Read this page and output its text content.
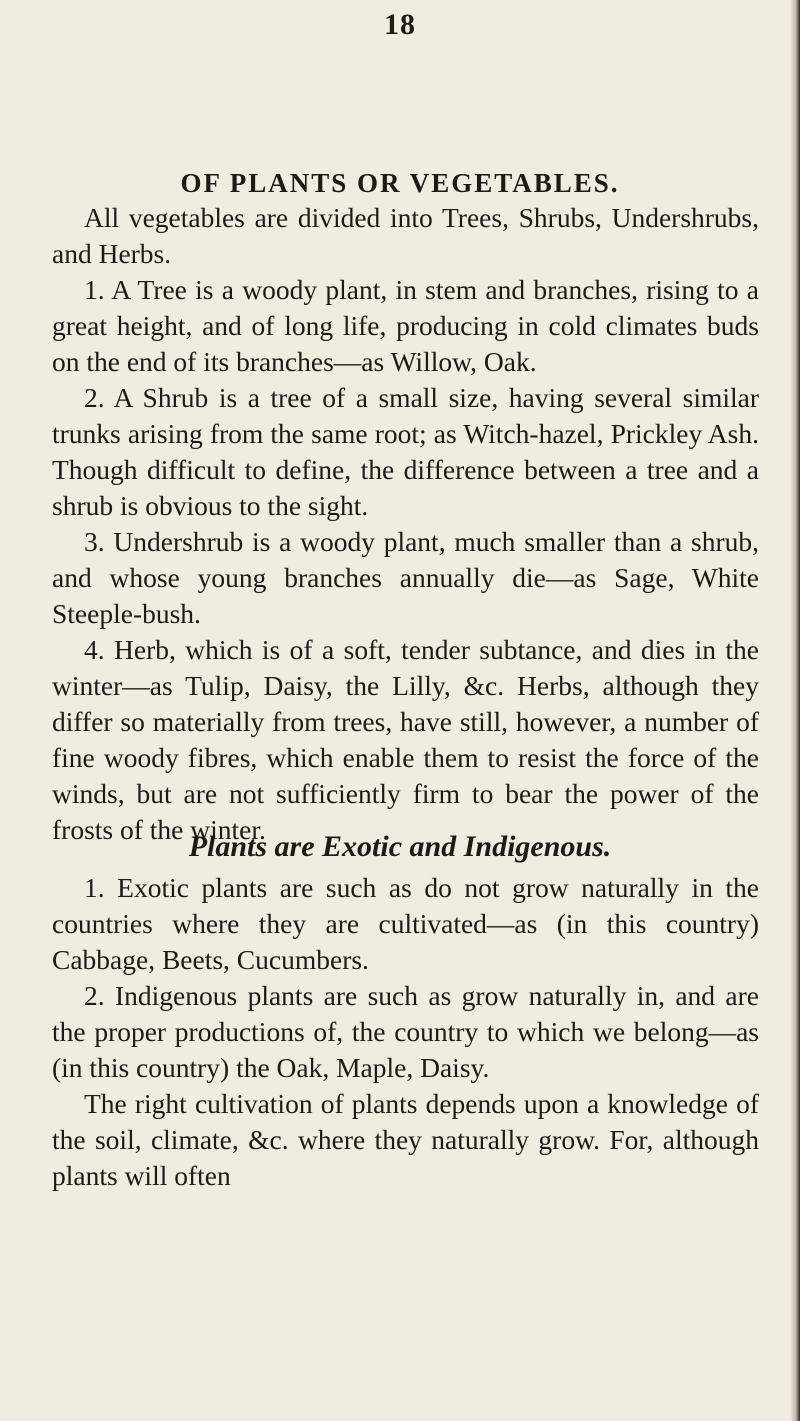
18
OF PLANTS OR VEGETABLES.

All vegetables are divided into Trees, Shrubs, Undershrubs, and Herbs.

1. A Tree is a woody plant, in stem and branches, rising to a great height, and of long life, producing in cold climates buds on the end of its branches—as Willow, Oak.

2. A Shrub is a tree of a small size, having several similar trunks arising from the same root; as Witch-hazel, Prickley Ash. Though difficult to define, the difference between a tree and a shrub is obvious to the sight.

3. Undershrub is a woody plant, much smaller than a shrub, and whose young branches annually die—as Sage, White Steeple-bush.

4. Herb, which is of a soft, tender subtance, and dies in the winter—as Tulip, Daisy, the Lilly, &c. Herbs, although they differ so materially from trees, have still, however, a number of fine woody fibres, which enable them to resist the force of the winds, but are not sufficiently firm to bear the power of the frosts of the winter.

Plants are Exotic and Indigenous.

1. Exotic plants are such as do not grow naturally in the countries where they are cultivated—as (in this country) Cabbage, Beets, Cucumbers.

2. Indigenous plants are such as grow naturally in, and are the proper productions of, the country to which we belong—as (in this country) the Oak, Maple, Daisy.

The right cultivation of plants depends upon a knowledge of the soil, climate, &c. where they naturally grow. For, although plants will often
